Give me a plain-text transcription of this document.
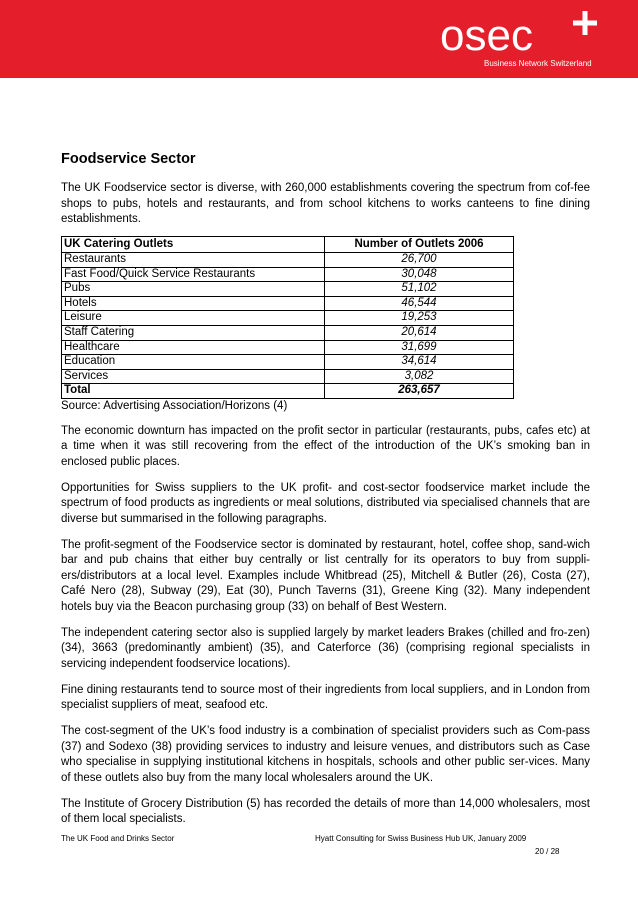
osec
Business Network Switzerland
Foodservice Sector

The UK Foodservice sector is diverse, with 260,000 establishments covering the spectrum from cof-fee shops to pubs, hotels and restaurants, and from school kitchens to works canteens to fine dining establishments.

UK Catering Outlets	Number of Outlets 2006
Restaurants	26,700
Fast Food/Quick Service Restaurants	30,048
Pubs	51,102
Hotels	46,544
Leisure	19,253
Staff Catering	20,614
Healthcare	31,699
Education	34,614
Services	3,082
Total	263,657

Source: Advertising Association/Horizons (4)

The economic downturn has impacted on the profit sector in particular (restaurants, pubs, cafes etc) at a time when it was still recovering from the effect of the introduction of the UK’s smoking ban in enclosed public places.

Opportunities for Swiss suppliers to the UK profit- and cost-sector foodservice market include the spectrum of food products as ingredients or meal solutions, distributed via specialised channels that are diverse but summarised in the following paragraphs.

The profit-segment of the Foodservice sector is dominated by restaurant, hotel, coffee shop, sand-wich bar and pub chains that either buy centrally or list centrally for its operators to buy from suppli-ers/distributors at a local level. Examples include Whitbread (25), Mitchell & Butler (26), Costa (27), Café Nero (28), Subway (29), Eat (30), Punch Taverns (31), Greene King (32). Many independent hotels buy via the Beacon purchasing group (33) on behalf of Best Western.

The independent catering sector also is supplied largely by market leaders Brakes (chilled and fro-zen) (34), 3663 (predominantly ambient) (35), and Caterforce (36) (comprising regional specialists in servicing independent foodservice locations).

Fine dining restaurants tend to source most of their ingredients from local suppliers, and in London from specialist suppliers of meat, seafood etc.

The cost-segment of the UK’s food industry is a combination of specialist providers such as Com-pass (37) and Sodexo (38) providing services to industry and leisure venues, and distributors such as Case who specialise in supplying institutional kitchens in hospitals, schools and other public ser-vices. Many of these outlets also buy from the many local wholesalers around the UK.

The Institute of Grocery Distribution (5) has recorded the details of more than 14,000 wholesalers, most of them local specialists.

The UK Food and Drinks Sector	Hyatt Consulting for Swiss Business Hub UK, January 2009
20 / 28
